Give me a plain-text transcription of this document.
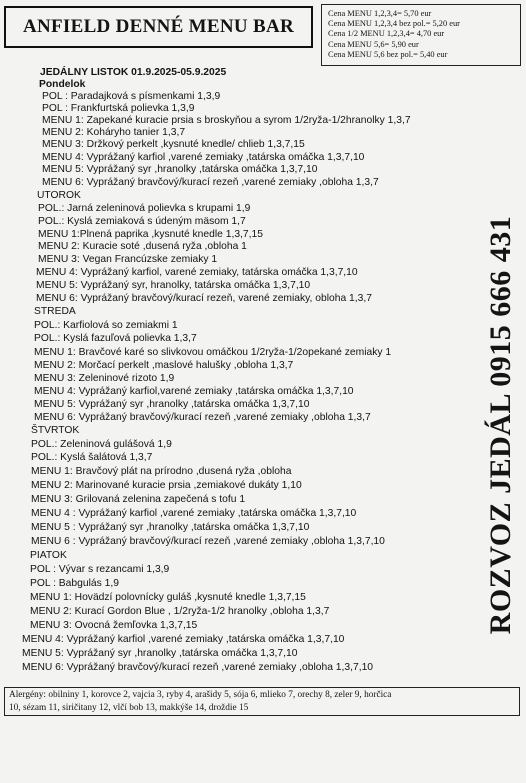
ANFIELD DENNÉ MENU BAR
Cena MENU 1,2,3,4= 5,70 eur
Cena MENU 1,2,3,4 bez pol.= 5,20 eur
Cena 1/2 MENU 1,2,3,4= 4,70 eur
Cena MENU 5,6= 5,90 eur
Cena MENU 5,6 bez pol.= 5,40 eur
JEDÁLNY LISTOK 01.9.2025-05.9.2025
Pondelok
POL : Paradajková s písmenkami 1,3,9
POL : Frankfurtská polievka 1,3,9
MENU 1: Zapekané kuracie prsia s broskyňou a syrom 1/2ryža-1/2hranolky 1,3,7
MENU 2: Koháryho tanier 1,3,7
MENU 3: Držkový perkelt ,kysnuté knedle/ chlieb 1,3,7,15
MENU 4: Vyprážaný karfiol ,varené zemiaky ,tatárska omáčka 1,3,7,10
MENU 5: Vyprážaný syr ,hranolky ,tatárska omáčka 1,3,7,10
MENU 6: Vyprážaný bravčový/kurací rezeň ,varené zemiaky ,obloha 1,3,7
UTOROK
POL.: Jarná zeleninová polievka s krupami 1,9
POL.: Kyslá zemiaková s údeným mäsom 1,7
MENU 1:Plnená paprika ,kysnuté knedle 1,3,7,15
MENU 2: Kuracie soté ,dusená ryža ,obloha 1
MENU 3: Vegan Francúzske zemiaky 1
MENU 4: Vyprážaný karfiol, varené zemiaky, tatárska omáčka 1,3,7,10
MENU 5: Vyprážaný syr, hranolky, tatárska omáčka 1,3,7,10
MENU 6: Vyprážaný bravčový/kurací rezeň, varené zemiaky, obloha 1,3,7
STREDA
POL.: Karfiolová so zemiakmi 1
POL.: Kyslá fazuľová polievka 1,3,7
MENU 1: Bravčové karé so slivkovou omáčkou 1/2ryža-1/2opekané zemiaky 1
MENU 2: Morčací perkelt ,maslové halušky ,obloha 1,3,7
MENU 3: Zeleninové rizoto 1,9
MENU 4: Vyprážaný karfiol,varené zemiaky ,tatárska omáčka 1,3,7,10
MENU 5: Vyprážaný syr ,hranolky ,tatárska omáčka 1,3,7,10
MENU 6: Vyprážaný bravčový/kurací rezeň ,varené zemiaky ,obloha 1,3,7
ŠTVRTOK
POL.: Zeleninová gulášová 1,9
POL.: Kyslá šalátová 1,3,7
MENU 1: Bravčový plát na prírodno ,dusená ryža ,obloha
MENU 2: Marinované kuracie prsia ,zemiakové dukáty 1,10
MENU 3: Grilovaná zelenina zapečená s tofu 1
MENU 4 : Vyprážaný karfiol ,varené zemiaky ,tatárska omáčka 1,3,7,10
MENU 5 : Vyprážaný syr ,hranolky ,tatárska omáčka 1,3,7,10
MENU 6 : Vyprážaný bravčový/kurací rezeň ,varené zemiaky ,obloha 1,3,7,10
PIATOK
POL : Vývar s rezancami 1,3,9
POL : Babgulás 1,9
MENU 1: Hovädzí polovnícky guláš ,kysnuté knedle 1,3,7,15
MENU 2: Kurací Gordon Blue , 1/2ryža-1/2 hranolky ,obloha 1,3,7
MENU 3: Ovocná žemľovka 1,3,7,15
MENU 4: Vyprážaný karfiol ,varené zemiaky ,tatárska omáčka 1,3,7,10
MENU 5: Vyprážaný syr ,hranolky ,tatárska omáčka 1,3,7,10
MENU 6: Vyprážaný bravčový/kurací rezeň ,varené zemiaky ,obloha 1,3,7,10
ROZVOZ JEDÁL 0915 666 431
Alergény: obilniny 1, korovce 2, vajcia 3, ryby 4, arašidy 5, sója 6, mlieko 7, orechy 8, zeler 9, horčica
10, sézam 11, siričitany 12, vlčí bob 13, makkýše 14, droždie 15
